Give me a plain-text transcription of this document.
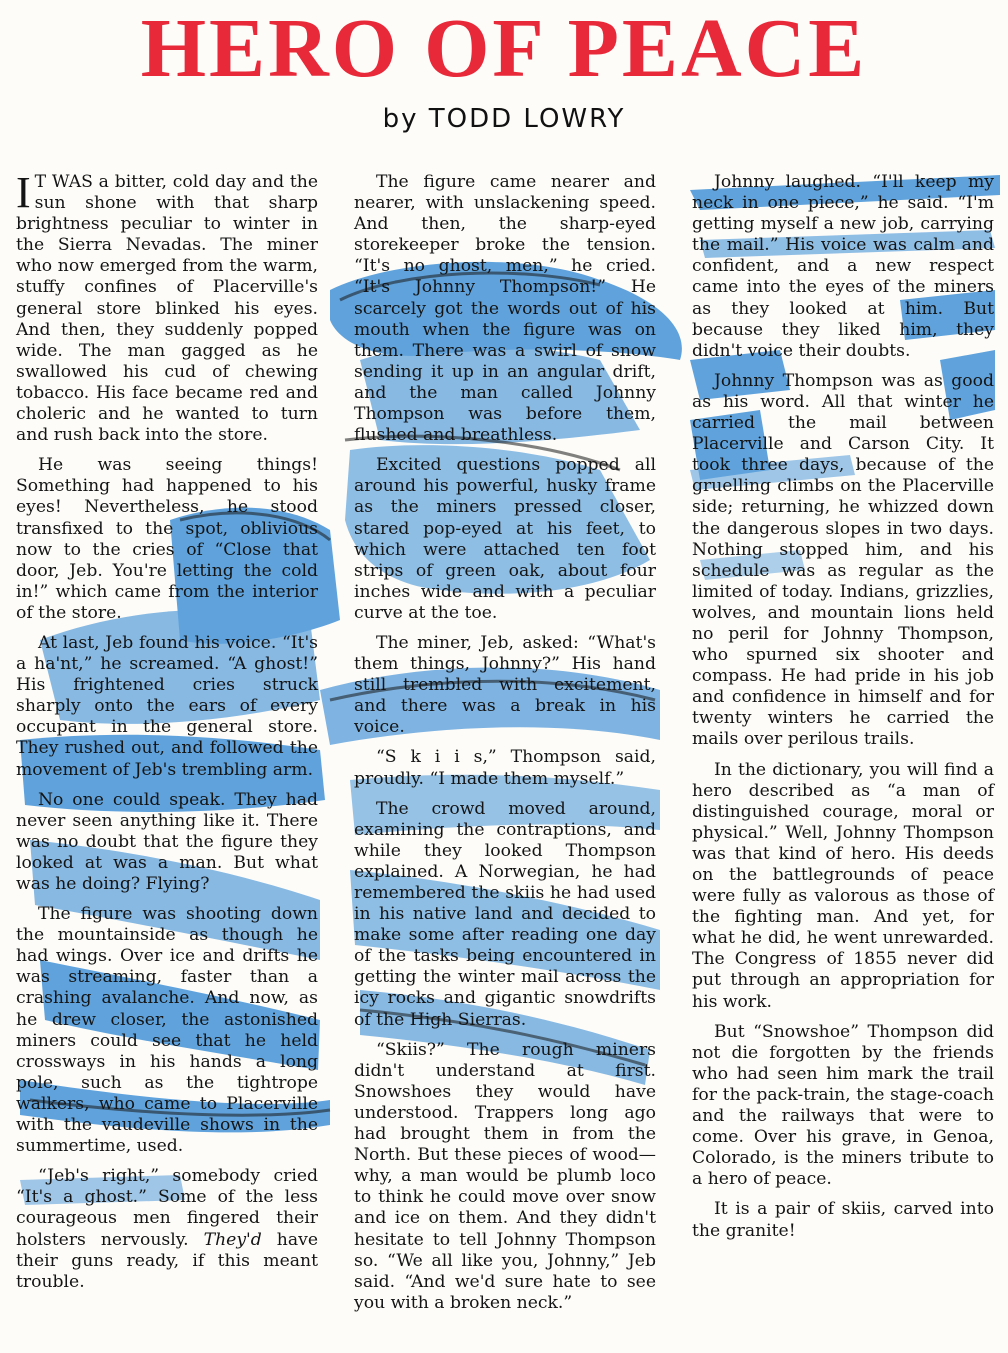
HERO OF PEACE
by TODD LOWRY

I T WAS a bitter, cold day and the sun shone with that sharp brightness peculiar to winter in the Sierra Nevadas. The miner who now emerged from the warm, stuffy confines of Placerville's general store blinked his eyes. And then, they suddenly popped wide. The man gagged as he swallowed his cud of chewing tobacco. His face became red and choleric and he wanted to turn and rush back into the store.

He was seeing things! Something had happened to his eyes! Nevertheless, he stood transfixed to the spot, oblivious now to the cries of “Close that door, Jeb. You're letting the cold in!” which came from the interior of the store.

At last, Jeb found his voice. “It's a ha'nt,” he screamed. “A ghost!” His frightened cries struck sharply onto the ears of every occupant in the general store. They rushed out, and followed the movement of Jeb's trembling arm.

No one could speak. They had never seen anything like it. There was no doubt that the figure they looked at was a man. But what was he doing? Flying?

The figure was shooting down the mountainside as though he had wings. Over ice and drifts he was streaming, faster than a crashing avalanche. And now, as he drew closer, the astonished miners could see that he held crossways in his hands a long pole, such as the tightrope walkers, who came to Placerville with the vaudeville shows in the summertime, used.

“Jeb's right,” somebody cried “It's a ghost.” Some of the less courageous men fingered their holsters nervously. They'd have their guns ready, if this meant trouble.

The figure came nearer and nearer, with unslackening speed. And then, the sharp-eyed storekeeper broke the tension. “It's no ghost, men,” he cried. “It's Johnny Thompson!” He scarcely got the words out of his mouth when the figure was on them. There was a swirl of snow sending it up in an angular drift, and the man called Johnny Thompson was before them, flushed and breathless.

Excited questions popped all around his powerful, husky frame as the miners pressed closer, stared pop-eyed at his feet, to which were attached ten foot strips of green oak, about four inches wide and with a peculiar curve at the toe.

The miner, Jeb, asked: “What's them things, Johnny?” His hand still trembled with excitement, and there was a break in his voice.

“S k i i s,” Thompson said, proudly. “I made them myself.”

The crowd moved around, examining the contraptions, and while they looked Thompson explained. A Norwegian, he had remembered the skiis he had used in his native land and decided to make some after reading one day of the tasks being encountered in getting the winter mail across the icy rocks and gigantic snowdrifts of the High Sierras.

“Skiis?” The rough miners didn't understand at first. Snowshoes they would have understood. Trappers long ago had brought them in from the North. But these pieces of wood—why, a man would be plumb loco to think he could move over snow and ice on them. And they didn't hesitate to tell Johnny Thompson so. “We all like you, Johnny,” Jeb said. “And we'd sure hate to see you with a broken neck.”

Johnny laughed. “I'll keep my neck in one piece,” he said. “I'm getting myself a new job, carrying the mail.” His voice was calm and confident, and a new respect came into the eyes of the miners as they looked at him. But because they liked him, they didn't voice their doubts.

Johnny Thompson was as good as his word. All that winter he carried the mail between Placerville and Carson City. It took three days, because of the gruelling climbs on the Placerville side; returning, he whizzed down the dangerous slopes in two days. Nothing stopped him, and his schedule was as regular as the limited of today. Indians, grizzlies, wolves, and mountain lions held no peril for Johnny Thompson, who spurned six shooter and compass. He had pride in his job and confidence in himself and for twenty winters he carried the mails over perilous trails.

In the dictionary, you will find a hero described as “a man of distinguished courage, moral or physical.” Well, Johnny Thompson was that kind of hero. His deeds on the battlegrounds of peace were fully as valorous as those of the fighting man. And yet, for what he did, he went unrewarded. The Congress of 1855 never did put through an appropriation for his work.

But “Snowshoe” Thompson did not die forgotten by the friends who had seen him mark the trail for the pack-train, the stage-coach and the railways that were to come. Over his grave, in Genoa, Colorado, is the miners tribute to a hero of peace.

It is a pair of skiis, carved into the granite!
